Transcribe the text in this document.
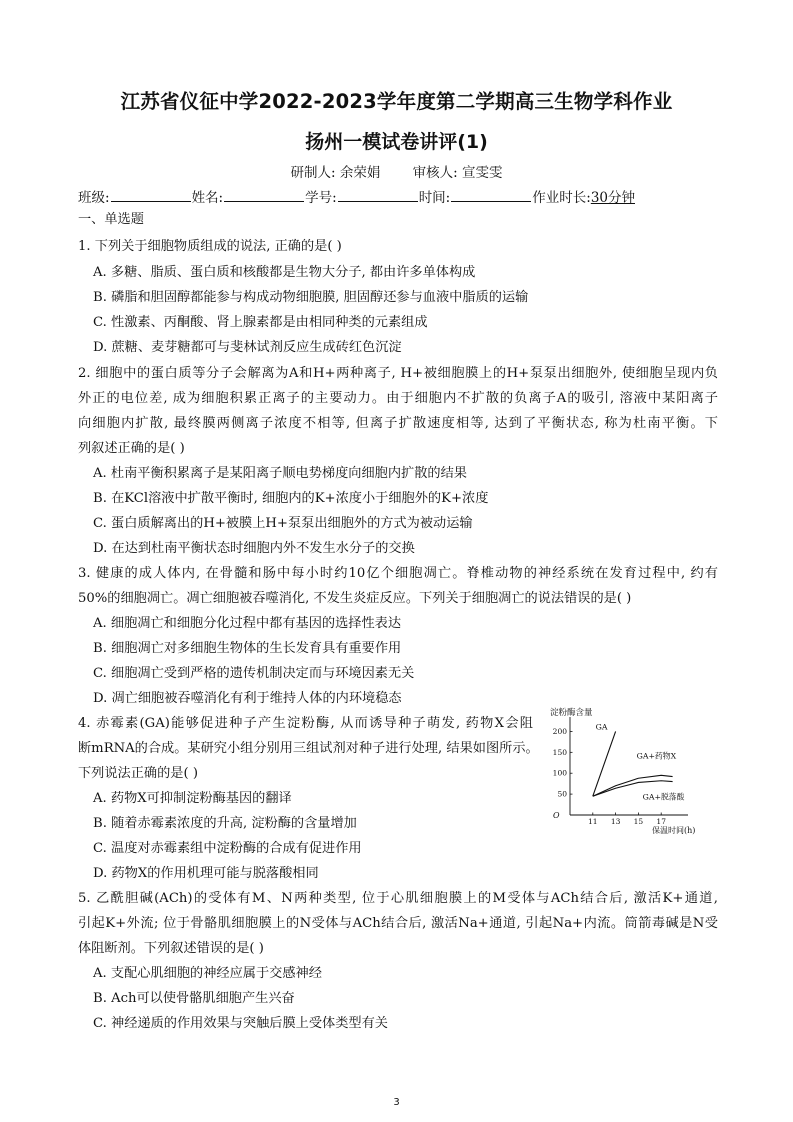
江苏省仪征中学2022-2023学年度第二学期高三生物学科作业
扬州一模试卷讲评(1)
研制人: 余荣娟 审核人: 宣雯雯
班级:	姓名:	学号:	时间:	作业时长: 30分钟
一、单选题
1. 下列关于细胞物质组成的说法, 正确的是( )
A. 多糖、脂质、蛋白质和核酸都是生物大分子, 都由许多单体构成
B. 磷脂和胆固醇都能参与构成动物细胞膜, 胆固醇还参与血液中脂质的运输
C. 性激素、丙酮酸、肾上腺素都是由相同种类的元素组成
D. 蔗糖、麦芽糖都可与斐林试剂反应生成砖红色沉淀
2. 细胞中的蛋白质等分子会解离为A和H+两种离子, H+被细胞膜上的H+泵泵出细胞外, 使细胞呈现内负
外正的电位差, 成为细胞积累正离子的主要动力。由于细胞内不扩散的负离子A的吸引, 溶液中某阳离子
向细胞内扩散, 最终膜两侧离子浓度不相等, 但离子扩散速度相等, 达到了平衡状态, 称为杜南平衡。下
列叙述正确的是( )
A. 杜南平衡积累离子是某阳离子顺电势梯度向细胞内扩散的结果
B. 在KCl溶液中扩散平衡时, 细胞内的K+浓度小于细胞外的K+浓度
C. 蛋白质解离出的H+被膜上H+泵泵出细胞外的方式为被动运输
D. 在达到杜南平衡状态时细胞内外不发生水分子的交换
3. 健康的成人体内, 在骨髓和肠中每小时约10亿个细胞凋亡。脊椎动物的神经系统在发育过程中, 约有
50%的细胞凋亡。凋亡细胞被吞噬消化, 不发生炎症反应。下列关于细胞凋亡的说法错误的是( )
A. 细胞凋亡和细胞分化过程中都有基因的选择性表达
B. 细胞凋亡对多细胞生物体的生长发育具有重要作用
C. 细胞凋亡受到严格的遗传机制决定而与环境因素无关
D. 凋亡细胞被吞噬消化有利于维持人体的内环境稳态
4. 赤霉素(GA)能够促进种子产生淀粉酶, 从而诱导种子萌发, 药物X会阻
断mRNA的合成。某研究小组分别用三组试剂对种子进行处理, 结果如图所示。
下列说法正确的是( )
A. 药物X可抑制淀粉酶基因的翻译
B. 随着赤霉素浓度的升高, 淀粉酶的含量增加
C. 温度对赤霉素组中淀粉酶的合成有促进作用
D. 药物X的作用机理可能与脱落酸相同
11 13 15 17
50
100
150
200	GA
GA+药物X
GA+脱落酸
淀粉酶含量
保温时间(h)
O
5. 乙酰胆碱(ACh)的受体有M、N两种类型, 位于心肌细胞膜上的M受体与ACh结合后, 激活K+通道,
引起K+外流; 位于骨骼肌细胞膜上的N受体与ACh结合后, 激活Na+通道, 引起Na+内流。筒箭毒碱是N受
体阻断剂。下列叙述错误的是( )
A. 支配心肌细胞的神经应属于交感神经
B. Ach可以使骨骼肌细胞产生兴奋
C. 神经递质的作用效果与突触后膜上受体类型有关
3
